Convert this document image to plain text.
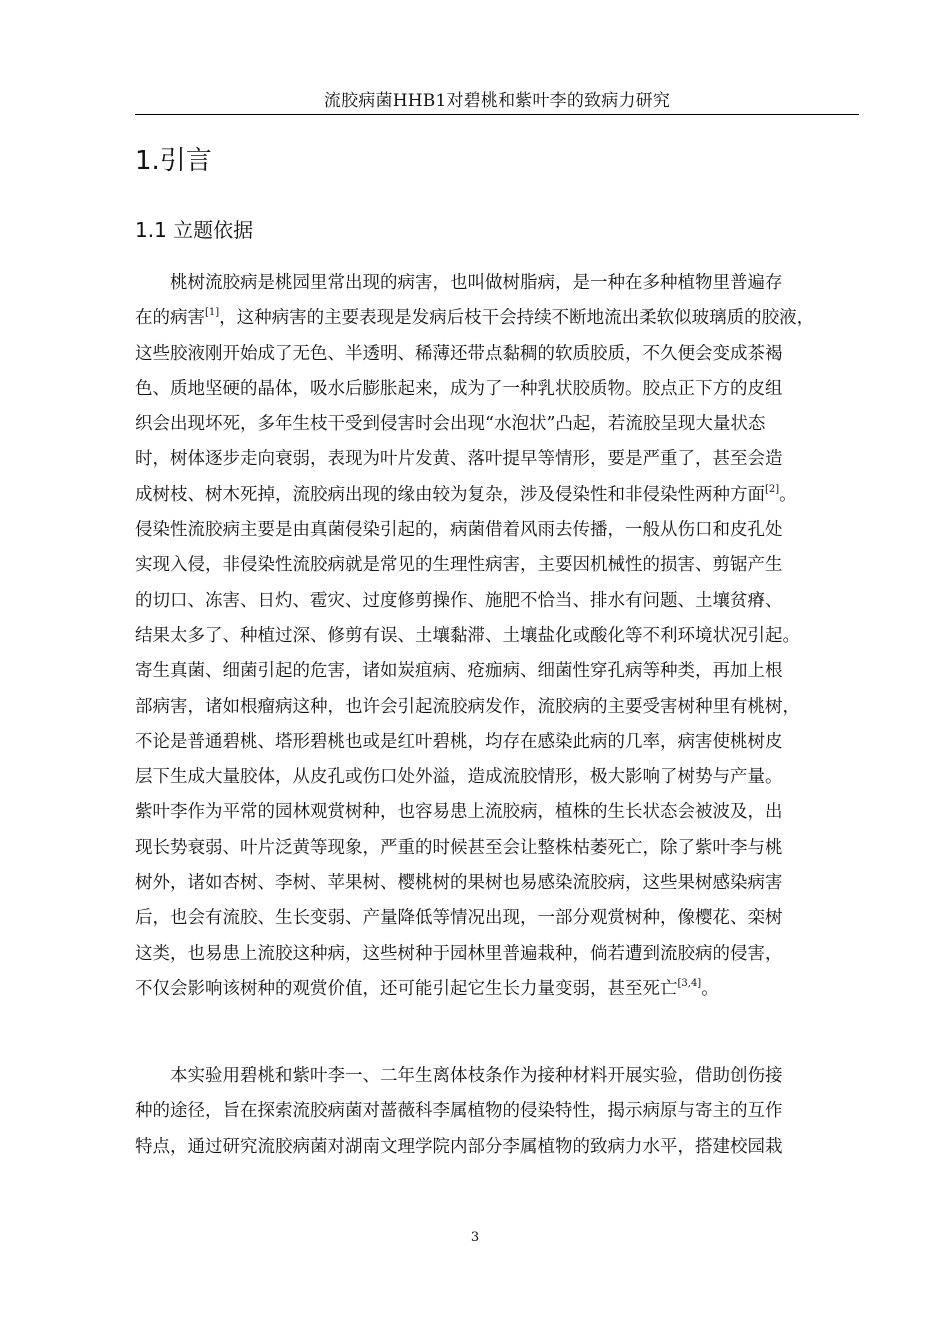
流胶病菌HHB1对碧桃和紫叶李的致病力研究
1.引言
1.1 立题依据
桃树流胶病是桃园里常出现的病害，也叫做树脂病，是一种在多种植物里普遍存
在的病害[1]，这种病害的主要表现是发病后枝干会持续不断地流出柔软似玻璃质的胶液，
这些胶液刚开始成了无色、半透明、稀薄还带点黏稠的软质胶质，不久便会变成茶褐
色、质地坚硬的晶体，吸水后膨胀起来，成为了一种乳状胶质物。胶点正下方的皮组
织会出现坏死，多年生枝干受到侵害时会出现“水泡状”凸起，若流胶呈现大量状态
时，树体逐步走向衰弱，表现为叶片发黄、落叶提早等情形，要是严重了，甚至会造
成树枝、树木死掉，流胶病出现的缘由较为复杂，涉及侵染性和非侵染性两种方面[2]。
侵染性流胶病主要是由真菌侵染引起的，病菌借着风雨去传播，一般从伤口和皮孔处
实现入侵，非侵染性流胶病就是常见的生理性病害，主要因机械性的损害、剪锯产生
的切口、冻害、日灼、雹灾、过度修剪操作、施肥不恰当、排水有问题、土壤贫瘠、
结果太多了、种植过深、修剪有误、土壤黏滞、土壤盐化或酸化等不利环境状况引起。
寄生真菌、细菌引起的危害，诸如炭疽病、疮痂病、细菌性穿孔病等种类，再加上根
部病害，诸如根瘤病这种，也许会引起流胶病发作，流胶病的主要受害树种里有桃树，
不论是普通碧桃、塔形碧桃也或是红叶碧桃，均存在感染此病的几率，病害使桃树皮
层下生成大量胶体，从皮孔或伤口处外溢，造成流胶情形，极大影响了树势与产量。
紫叶李作为平常的园林观赏树种，也容易患上流胶病，植株的生长状态会被波及，出
现长势衰弱、叶片泛黄等现象，严重的时候甚至会让整株枯萎死亡，除了紫叶李与桃
树外，诸如杏树、李树、苹果树、樱桃树的果树也易感染流胶病，这些果树感染病害
后，也会有流胶、生长变弱、产量降低等情况出现，一部分观赏树种，像樱花、栾树
这类，也易患上流胶这种病，这些树种于园林里普遍栽种，倘若遭到流胶病的侵害，
不仅会影响该树种的观赏价值，还可能引起它生长力量变弱，甚至死亡[3,4]。
本实验用碧桃和紫叶李一、二年生离体枝条作为接种材料开展实验，借助创伤接
种的途径，旨在探索流胶病菌对蔷薇科李属植物的侵染特性，揭示病原与寄主的互作
特点，通过研究流胶病菌对湖南文理学院内部分李属植物的致病力水平，搭建校园栽
3
